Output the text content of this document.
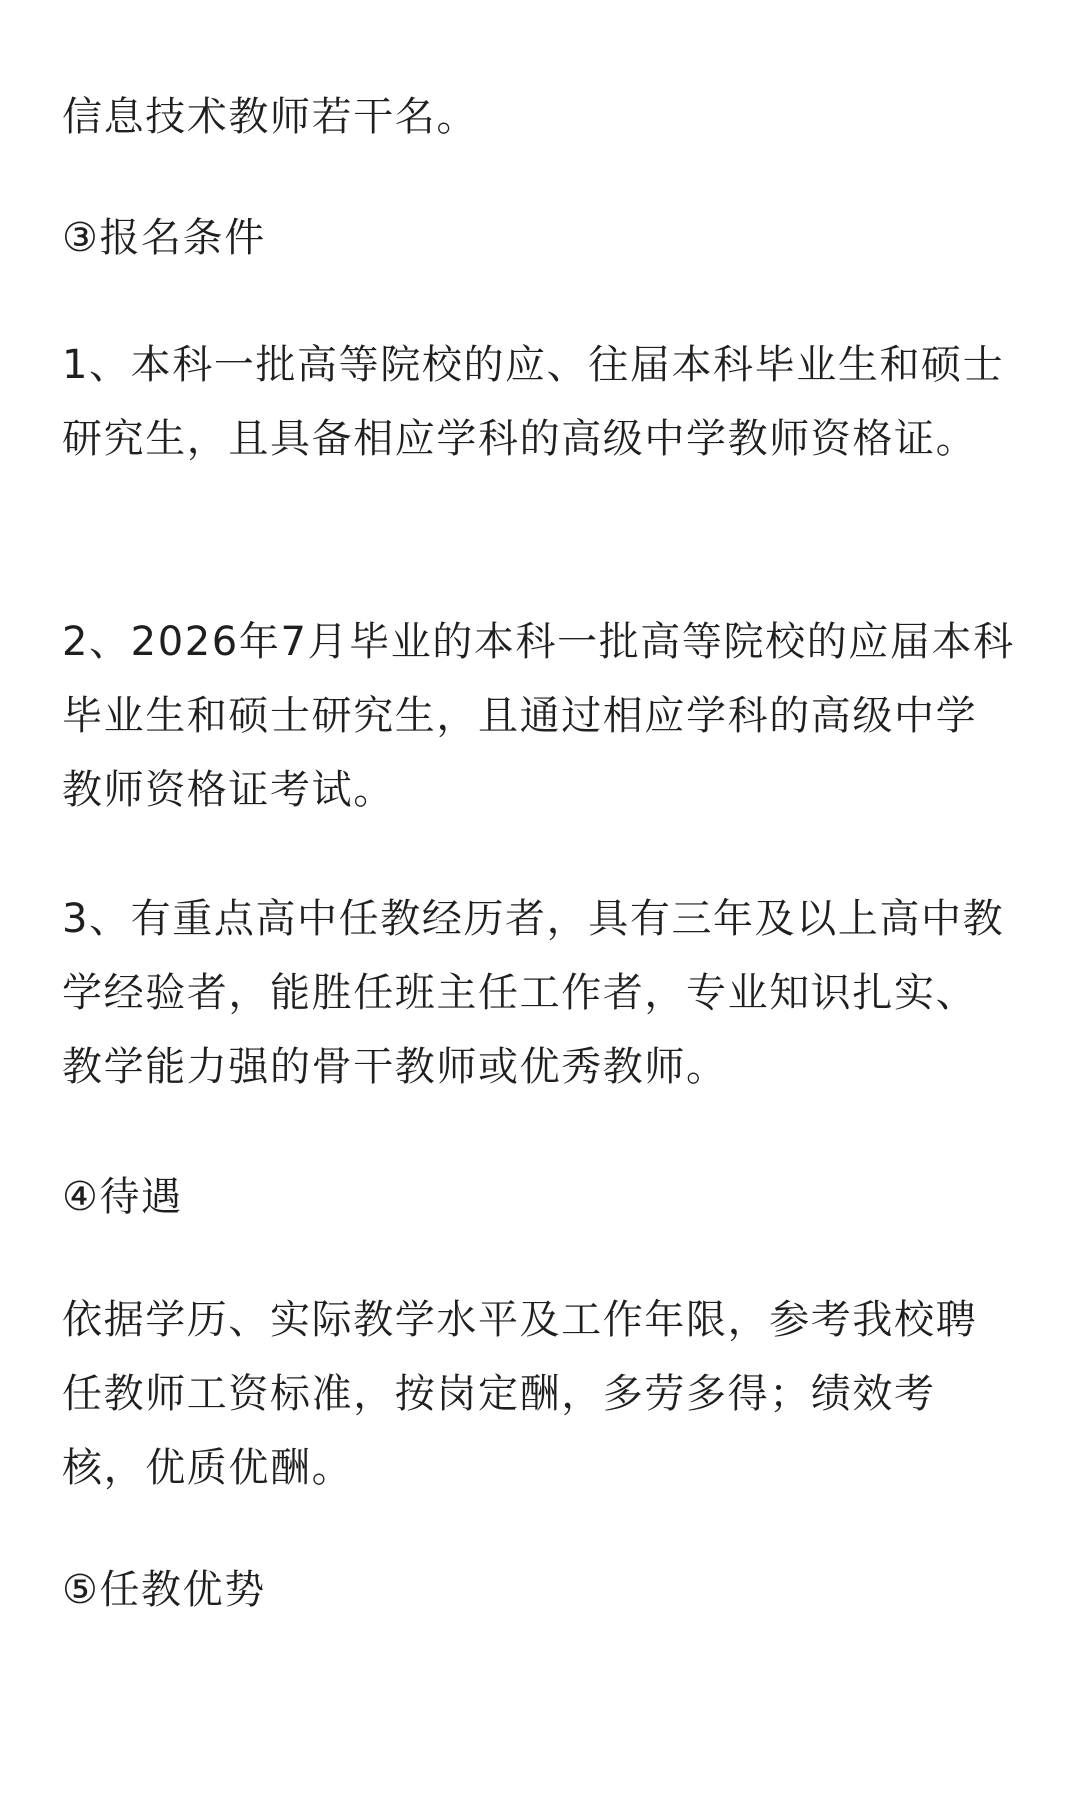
信息技术教师若干名。

③报名条件

1、本科一批高等院校的应、往届本科毕业生和硕士研究生，且具备相应学科的高级中学教师资格证。

2、2026年7月毕业的本科一批高等院校的应届本科毕业生和硕士研究生，且通过相应学科的高级中学教师资格证考试。

3、有重点高中任教经历者，具有三年及以上高中教学经验者，能胜任班主任工作者，专业知识扎实、教学能力强的骨干教师或优秀教师。

④待遇

依据学历、实际教学水平及工作年限，参考我校聘任教师工资标准，按岗定酬，多劳多得；绩效考核，优质优酬。

⑤任教优势
